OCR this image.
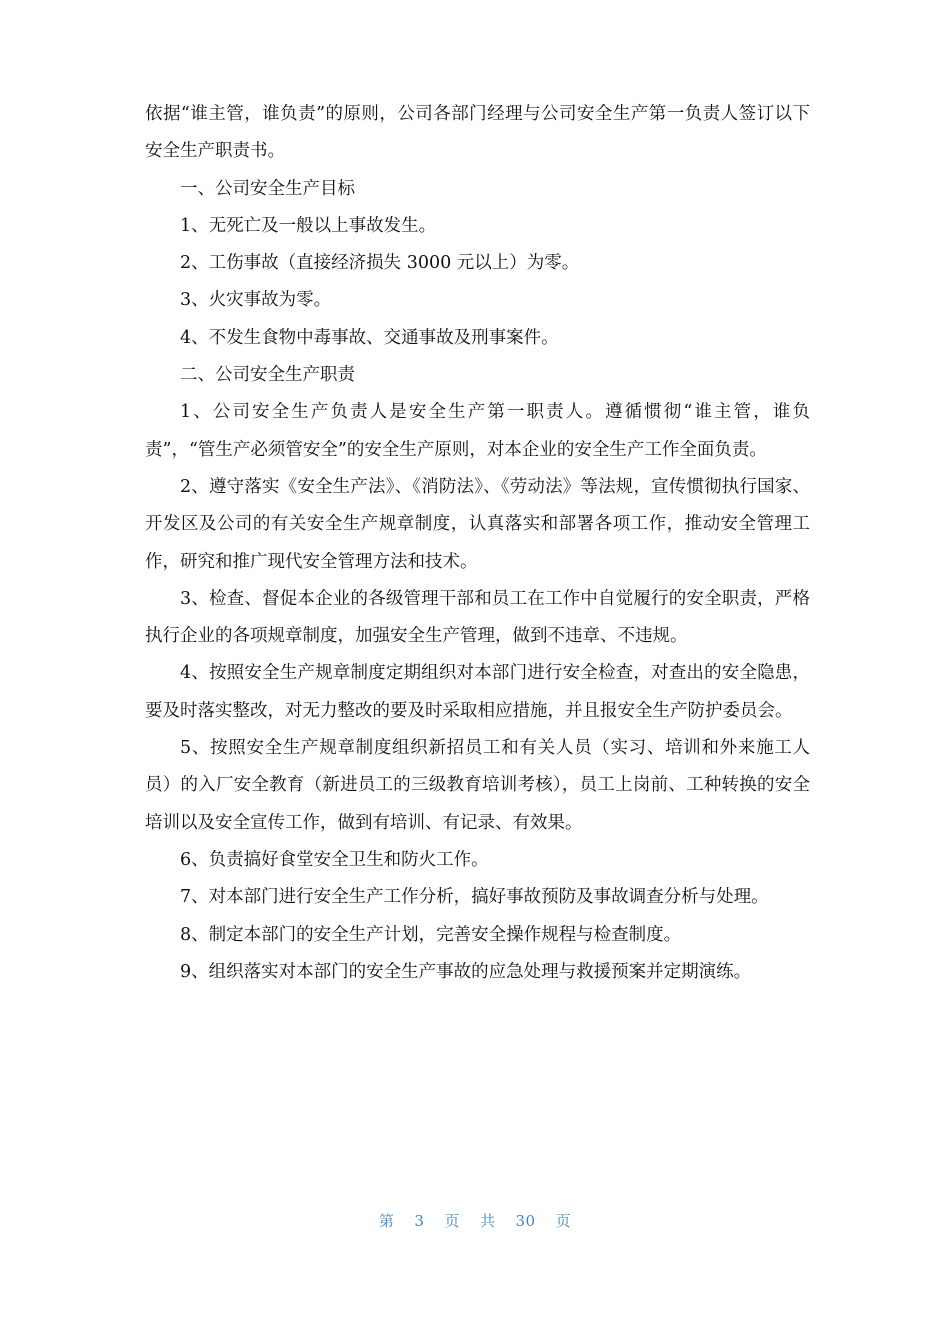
依据“谁主管，谁负责”的原则，公司各部门经理与公司安全生产第一负责人签订以下安全生产职责书。

一、公司安全生产目标

1、无死亡及一般以上事故发生。

2、工伤事故（直接经济损失 3000 元以上）为零。

3、火灾事故为零。

4、不发生食物中毒事故、交通事故及刑事案件。

二、公司安全生产职责

1、公司安全生产负责人是安全生产第一职责人。遵循惯彻“谁主管，谁负责”，“管生产必须管安全”的安全生产原则，对本企业的安全生产工作全面负责。

2、遵守落实《安全生产法》、《消防法》、《劳动法》等法规，宣传惯彻执行国家、开发区及公司的有关安全生产规章制度，认真落实和部署各项工作，推动安全管理工作，研究和推广现代安全管理方法和技术。

3、检查、督促本企业的各级管理干部和员工在工作中自觉履行的安全职责，严格执行企业的各项规章制度，加强安全生产管理，做到不违章、不违规。

4、按照安全生产规章制度定期组织对本部门进行安全检查，对查出的安全隐患，要及时落实整改，对无力整改的要及时采取相应措施，并且报安全生产防护委员会。

5、按照安全生产规章制度组织新招员工和有关人员（实习、培训和外来施工人员）的入厂安全教育（新进员工的三级教育培训考核），员工上岗前、工种转换的安全培训以及安全宣传工作，做到有培训、有记录、有效果。

6、负责搞好食堂安全卫生和防火工作。

7、对本部门进行安全生产工作分析，搞好事故预防及事故调查分析与处理。

8、制定本部门的安全生产计划，完善安全操作规程与检查制度。

9、组织落实对本部门的安全生产事故的应急处理与救援预案并定期演练。

第 3 页 共 30 页
